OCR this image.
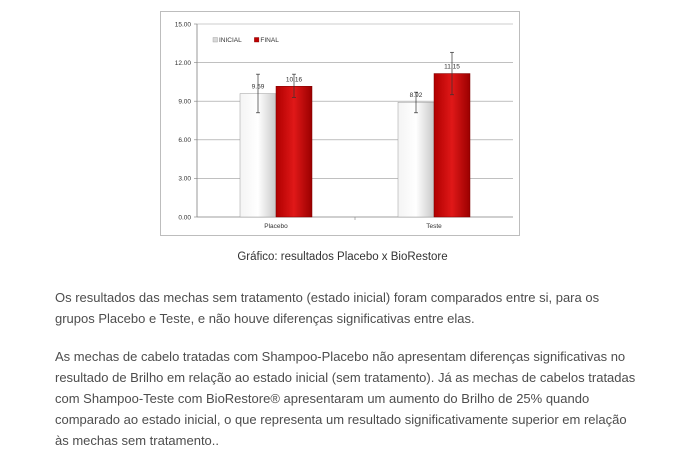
0.00
3.00
6.00
9.00
12.00
15.00
9.59
10.16
Placebo
8.92
11.15
Teste
INICIAL	FINAL
Gráfico: resultados Placebo x BioRestore

Os resultados das mechas sem tratamento (estado inicial) foram comparados entre si, para os
grupos Placebo e Teste, e não houve diferenças significativas entre elas.

As mechas de cabelo tratadas com Shampoo-Placebo não apresentam diferenças significativas no
resultado de Brilho em relação ao estado inicial (sem tratamento). Já as mechas de cabelos tratadas
com Shampoo-Teste com BioRestore® apresentaram um aumento do Brilho de 25% quando
comparado ao estado inicial, o que representa um resultado significativamente superior em relação
às mechas sem tratamento..
